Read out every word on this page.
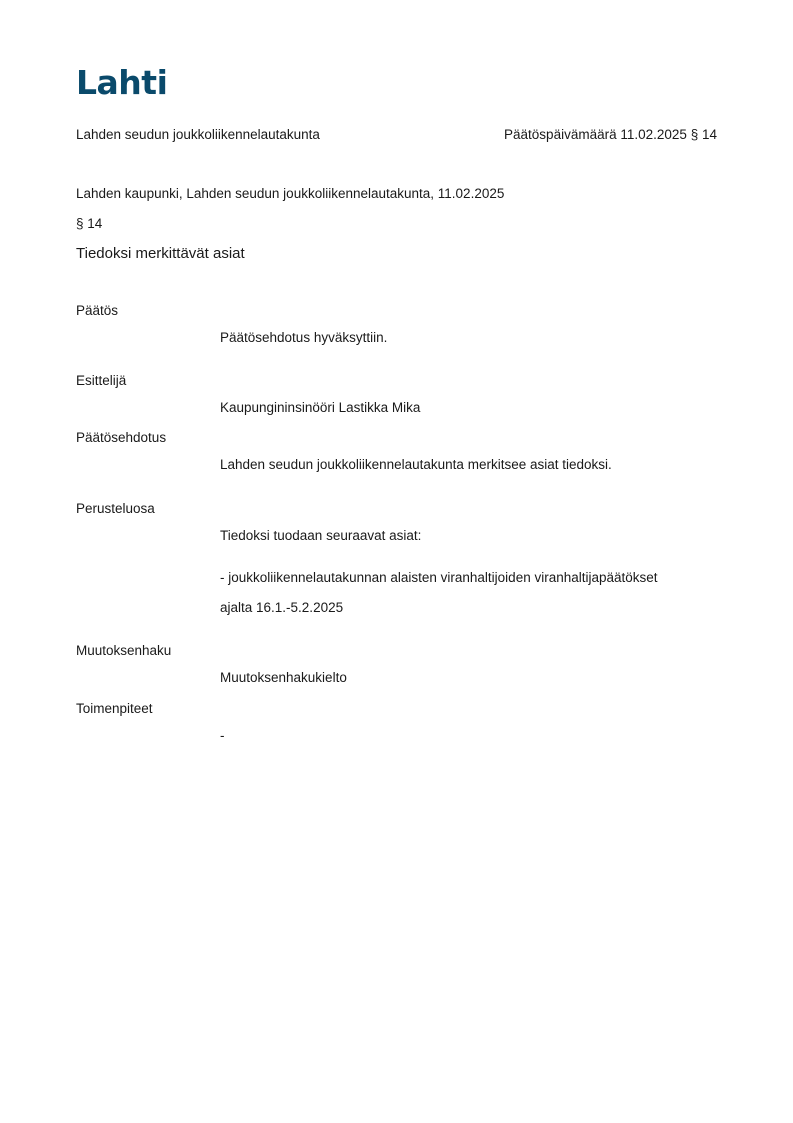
Lahti
Lahden seudun joukkoliikennelautakunta	Päätöspäivämäärä 11.02.2025 § 14
Lahden kaupunki, Lahden seudun joukkoliikennelautakunta, 11.02.2025
§ 14
Tiedoksi merkittävät asiat
Päätös
Päätösehdotus hyväksyttiin.
Esittelijä
Kaupungininsinööri Lastikka Mika
Päätösehdotus
Lahden seudun joukkoliikennelautakunta merkitsee asiat tiedoksi.
Perusteluosa
Tiedoksi tuodaan seuraavat asiat:
- joukkoliikennelautakunnan alaisten viranhaltijoiden viranhaltijapäätökset
ajalta 16.1.-5.2.2025
Muutoksenhaku
Muutoksenhakukielto
Toimenpiteet
-
